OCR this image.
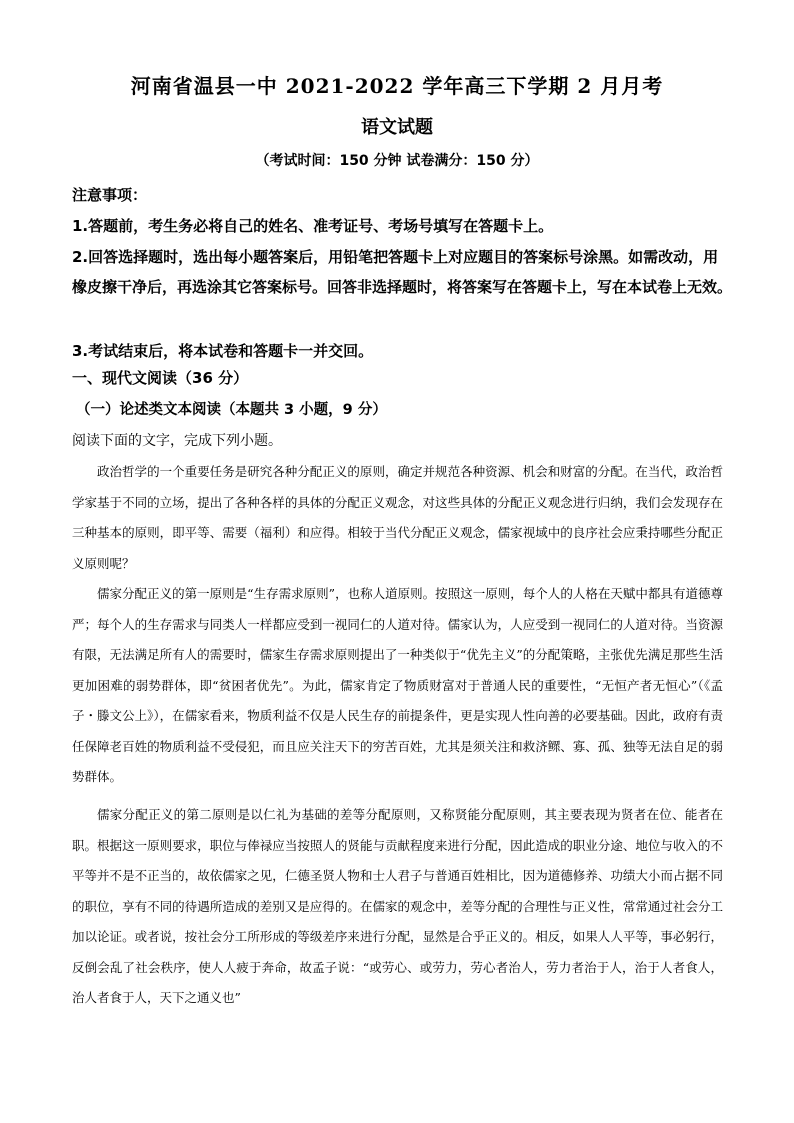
河南省温县一中 2021-2022 学年高三下学期 2 月月考
语文试题
（考试时间：150 分钟 试卷满分：150 分）
注意事项：
1.答题前，考生务必将自己的姓名、准考证号、考场号填写在答题卡上。
2.回答选择题时，选出每小题答案后，用铅笔把答题卡上对应题目的答案标号涂黑。如需改动，用橡皮擦干净后，再选涂其它答案标号。回答非选择题时，将答案写在答题卡上，写在本试卷上无效。
3.考试结束后，将本试卷和答题卡一并交回。
一、现代文阅读（36 分）
（一）论述类文本阅读（本题共 3 小题，9 分）
阅读下面的文字，完成下列小题。
政治哲学的一个重要任务是研究各种分配正义的原则，确定并规范各种资源、机会和财富的分配。在当代，政治哲学家基于不同的立场，提出了各种各样的具体的分配正义观念，对这些具体的分配正义观念进行归纳，我们会发现存在三种基本的原则，即平等、需要（福利）和应得。相较于当代分配正义观念，儒家视域中的良序社会应秉持哪些分配正义原则呢？
儒家分配正义的第一原则是“生存需求原则”，也称人道原则。按照这一原则，每个人的人格在天赋中都具有道德尊严；每个人的生存需求与同类人一样都应受到一视同仁的人道对待。儒家认为，人应受到一视同仁的人道对待。当资源有限，无法满足所有人的需要时，儒家生存需求原则提出了一种类似于“优先主义”的分配策略，主张优先满足那些生活更加困难的弱势群体，即“贫困者优先”。为此，儒家肯定了物质财富对于普通人民的重要性，“无恒产者无恒心”（《孟子・滕文公上》），在儒家看来，物质利益不仅是人民生存的前提条件，更是实现人性向善的必要基础。因此，政府有责任保障老百姓的物质利益不受侵犯，而且应关注天下的穷苦百姓，尤其是须关注和救济鳏、寡、孤、独等无法自足的弱势群体。
儒家分配正义的第二原则是以仁礼为基础的差等分配原则，又称贤能分配原则，其主要表现为贤者在位、能者在职。根据这一原则要求，职位与俸禄应当按照人的贤能与贡献程度来进行分配，因此造成的职业分途、地位与收入的不平等并不是不正当的，故依儒家之见，仁德圣贤人物和士人君子与普通百姓相比，因为道德修养、功绩大小而占据不同的职位，享有不同的待遇所造成的差别又是应得的。在儒家的观念中，差等分配的合理性与正义性，常常通过社会分工加以论证。或者说，按社会分工所形成的等级差序来进行分配，显然是合乎正义的。相反，如果人人平等，事必躬行，反倒会乱了社会秩序，使人人疲于奔命，故孟子说：“或劳心、或劳力，劳心者治人，劳力者治于人，治于人者食人，治人者食于人，天下之通义也”
